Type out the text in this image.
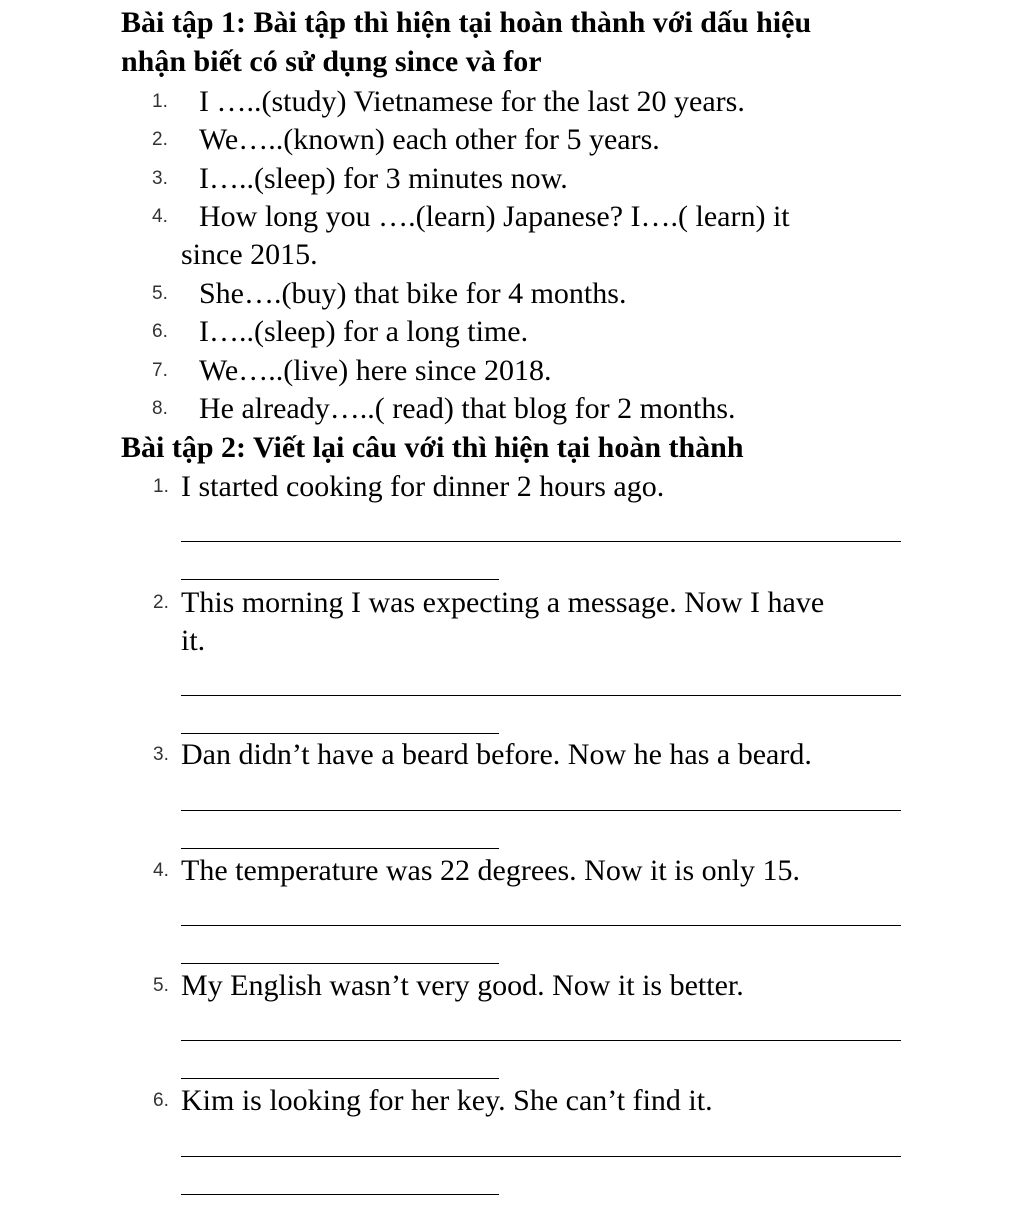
Bài tập 1: Bài tập thì hiện tại hoàn thành với dấu hiệu
nhận biết có sử dụng since và for
1. I …..(study) Vietnamese for the last 20 years.
2. We…..(known) each other for 5 years.
3. I…..(sleep) for 3 minutes now.
4. How long you ….(learn) Japanese? I….( learn) it
since 2015.
5. She….(buy) that bike for 4 months.
6. I…..(sleep) for a long time.
7. We…..(live) here since 2018.
8. He already…..( read) that blog for 2 months.
Bài tập 2: Viết lại câu với thì hiện tại hoàn thành
1. I started cooking for dinner 2 hours ago.
2. This morning I was expecting a message. Now I have
it.
3. Dan didn’t have a beard before. Now he has a beard.
4. The temperature was 22 degrees. Now it is only 15.
5. My English wasn’t very good. Now it is better.
6. Kim is looking for her key. She can’t find it.
